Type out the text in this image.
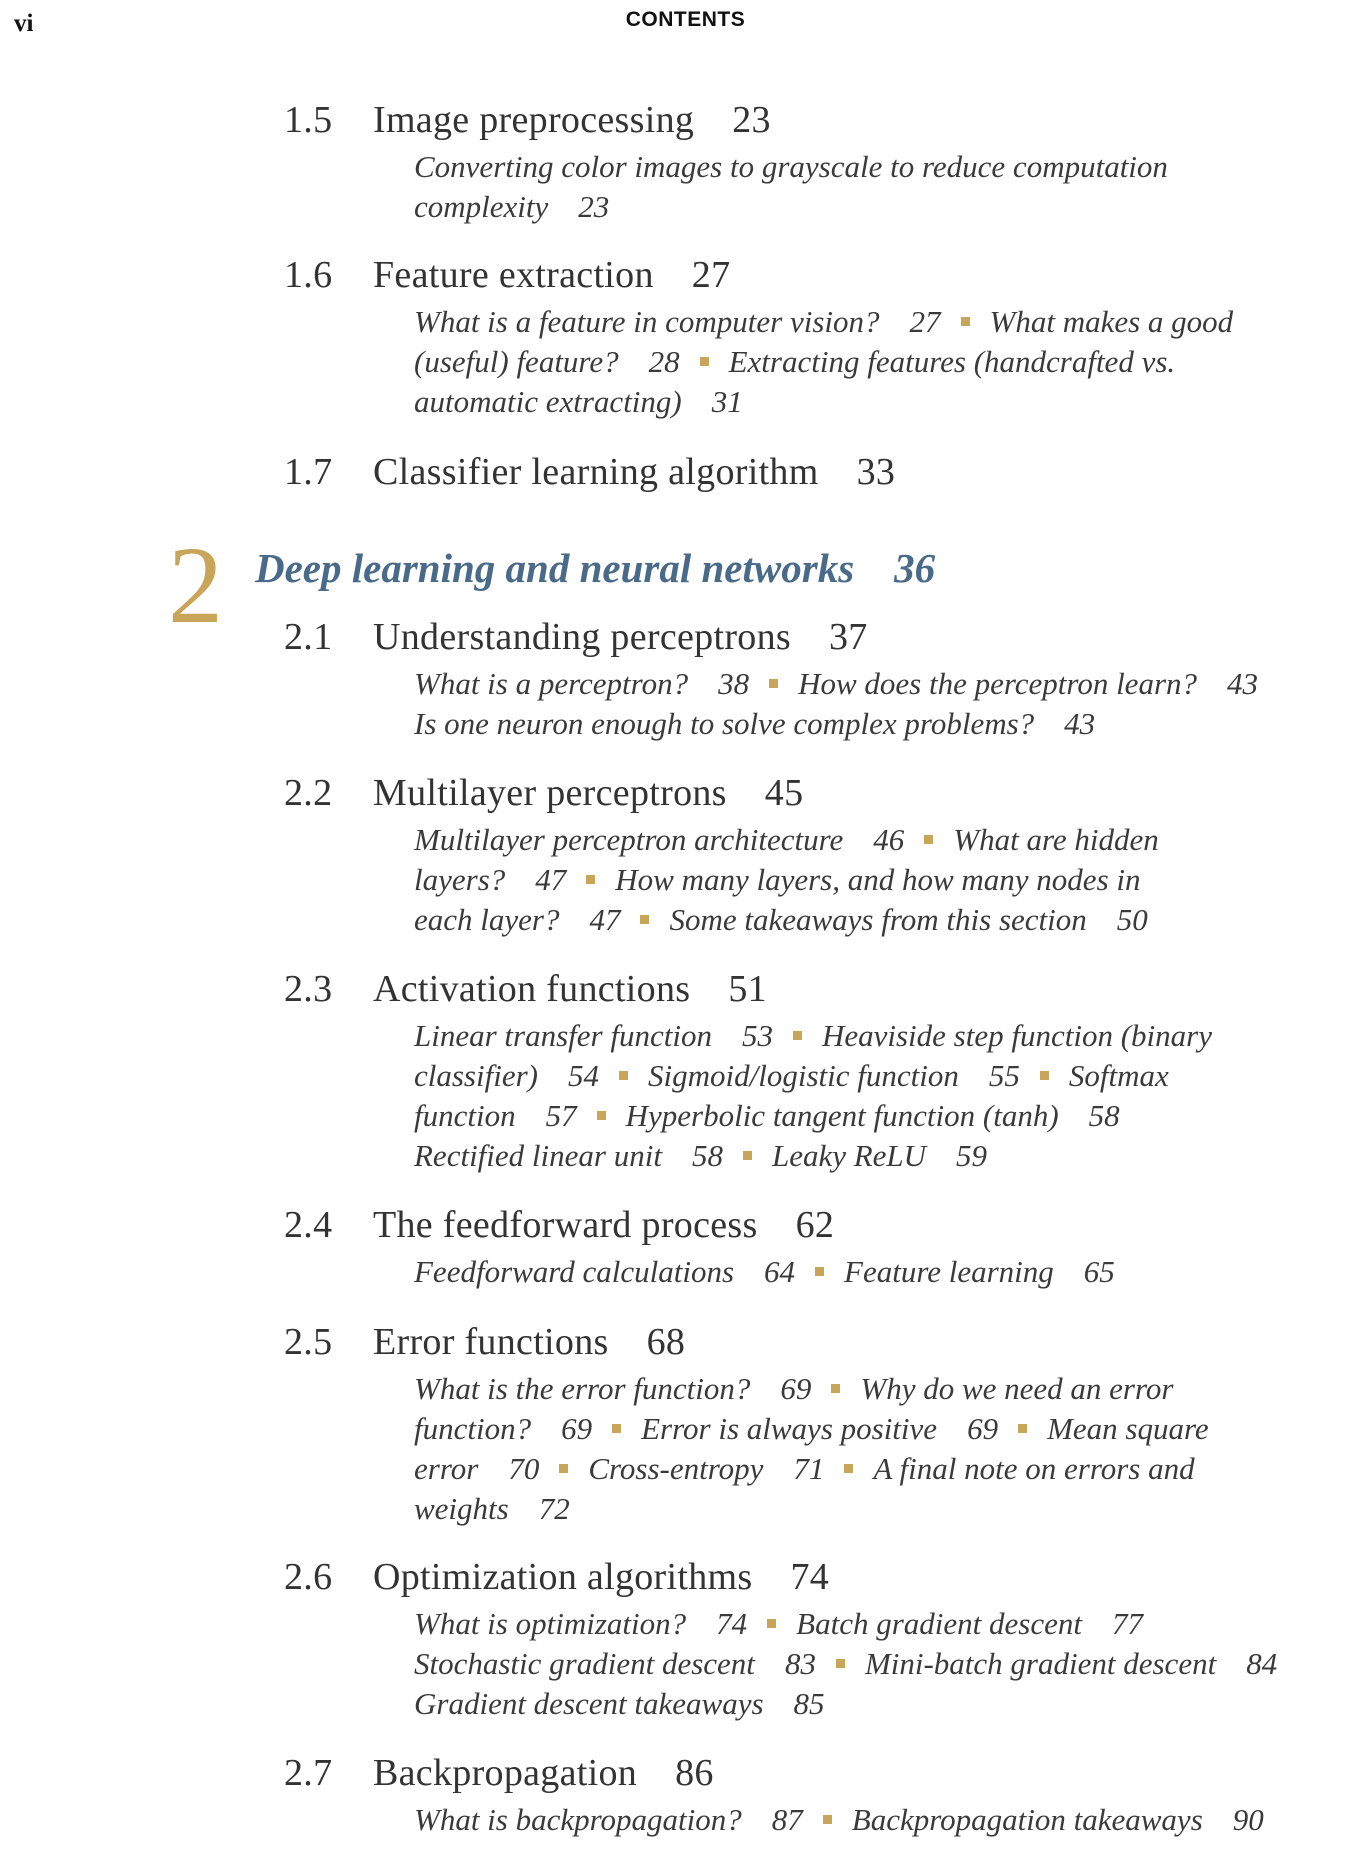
vi	CONTENTS
2 Deep learning and neural networks 36
1.5 Image preprocessing 23
Converting color images to grayscale to reduce computation
complexity 23
1.6 Feature extraction 27
What is a feature in computer vision? 27 What makes a good
(useful) feature? 28 Extracting features (handcrafted vs.
automatic extracting) 31
1.7 Classifier learning algorithm 33
2.1 Understanding perceptrons 37
What is a perceptron? 38 How does the perceptron learn? 43
Is one neuron enough to solve complex problems? 43
2.2 Multilayer perceptrons 45
Multilayer perceptron architecture 46 What are hidden
layers? 47 How many layers, and how many nodes in
each layer? 47 Some takeaways from this section 50
2.3 Activation functions 51
Linear transfer function 53 Heaviside step function (binary
classifier) 54 Sigmoid/logistic function 55 Softmax
function 57 Hyperbolic tangent function (tanh) 58
Rectified linear unit 58 Leaky ReLU 59
2.4 The feedforward process 62
Feedforward calculations 64 Feature learning 65
2.5 Error functions 68
What is the error function? 69 Why do we need an error
function? 69 Error is always positive 69 Mean square
error 70 Cross-entropy 71 A final note on errors and
weights 72
2.6 Optimization algorithms 74
What is optimization? 74 Batch gradient descent 77
Stochastic gradient descent 83 Mini-batch gradient descent 84
Gradient descent takeaways 85
2.7 Backpropagation 86
What is backpropagation? 87 Backpropagation takeaways 90
